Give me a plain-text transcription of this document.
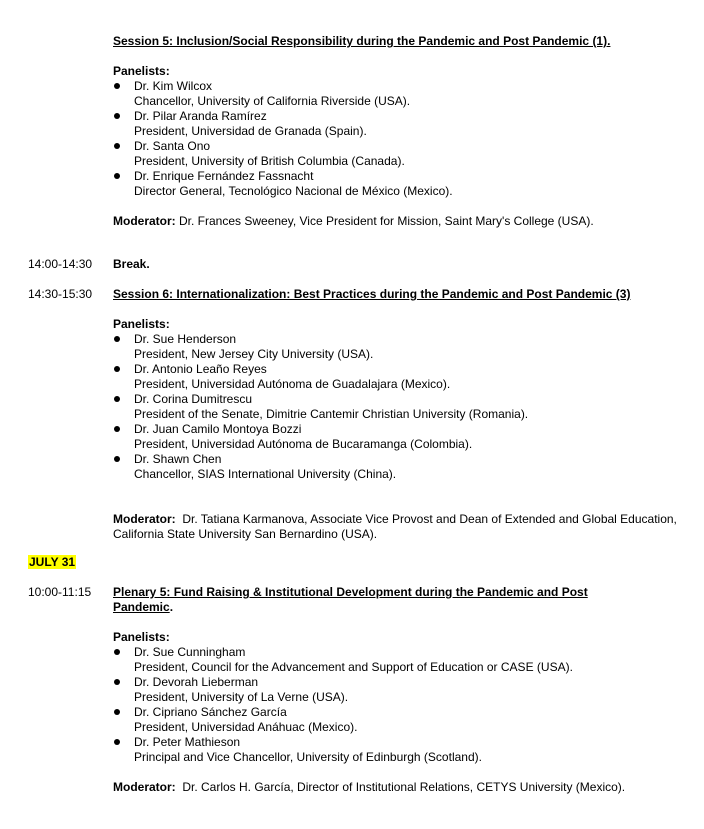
Session 5: Inclusion/Social Responsibility during the Pandemic and Post Pandemic (1).
Panelists:
Dr. Kim Wilcox
Chancellor, University of California Riverside (USA).
Dr. Pilar Aranda Ramírez
President, Universidad de Granada (Spain).
Dr. Santa Ono
President, University of British Columbia (Canada).
Dr. Enrique Fernández Fassnacht
Director General, Tecnológico Nacional de México (Mexico).
Moderator: Dr. Frances Sweeney, Vice President for Mission, Saint Mary's College (USA).
14:00-14:30 Break.
14:30-15:30 Session 6: Internationalization: Best Practices during the Pandemic and Post Pandemic (3)
Panelists:
Dr. Sue Henderson
President, New Jersey City University (USA).
Dr. Antonio Leaño Reyes
President, Universidad Autónoma de Guadalajara (Mexico).
Dr. Corina Dumitrescu
President of the Senate, Dimitrie Cantemir Christian University (Romania).
Dr. Juan Camilo Montoya Bozzi
President, Universidad Autónoma de Bucaramanga (Colombia).
Dr. Shawn Chen
Chancellor, SIAS International University (China).
Moderator:  Dr. Tatiana Karmanova, Associate Vice Provost and Dean of Extended and Global Education, California State University San Bernardino (USA).
JULY 31
10:00-11:15 Plenary 5: Fund Raising & Institutional Development during the Pandemic and Post Pandemic.
Panelists:
Dr. Sue Cunningham
President, Council for the Advancement and Support of Education or CASE (USA).
Dr. Devorah Lieberman
President, University of La Verne (USA).
Dr. Cipriano Sánchez García
President, Universidad Anáhuac (Mexico).
Dr. Peter Mathieson
Principal and Vice Chancellor, University of Edinburgh (Scotland).
Moderator:  Dr. Carlos H. García, Director of Institutional Relations, CETYS University (Mexico).
